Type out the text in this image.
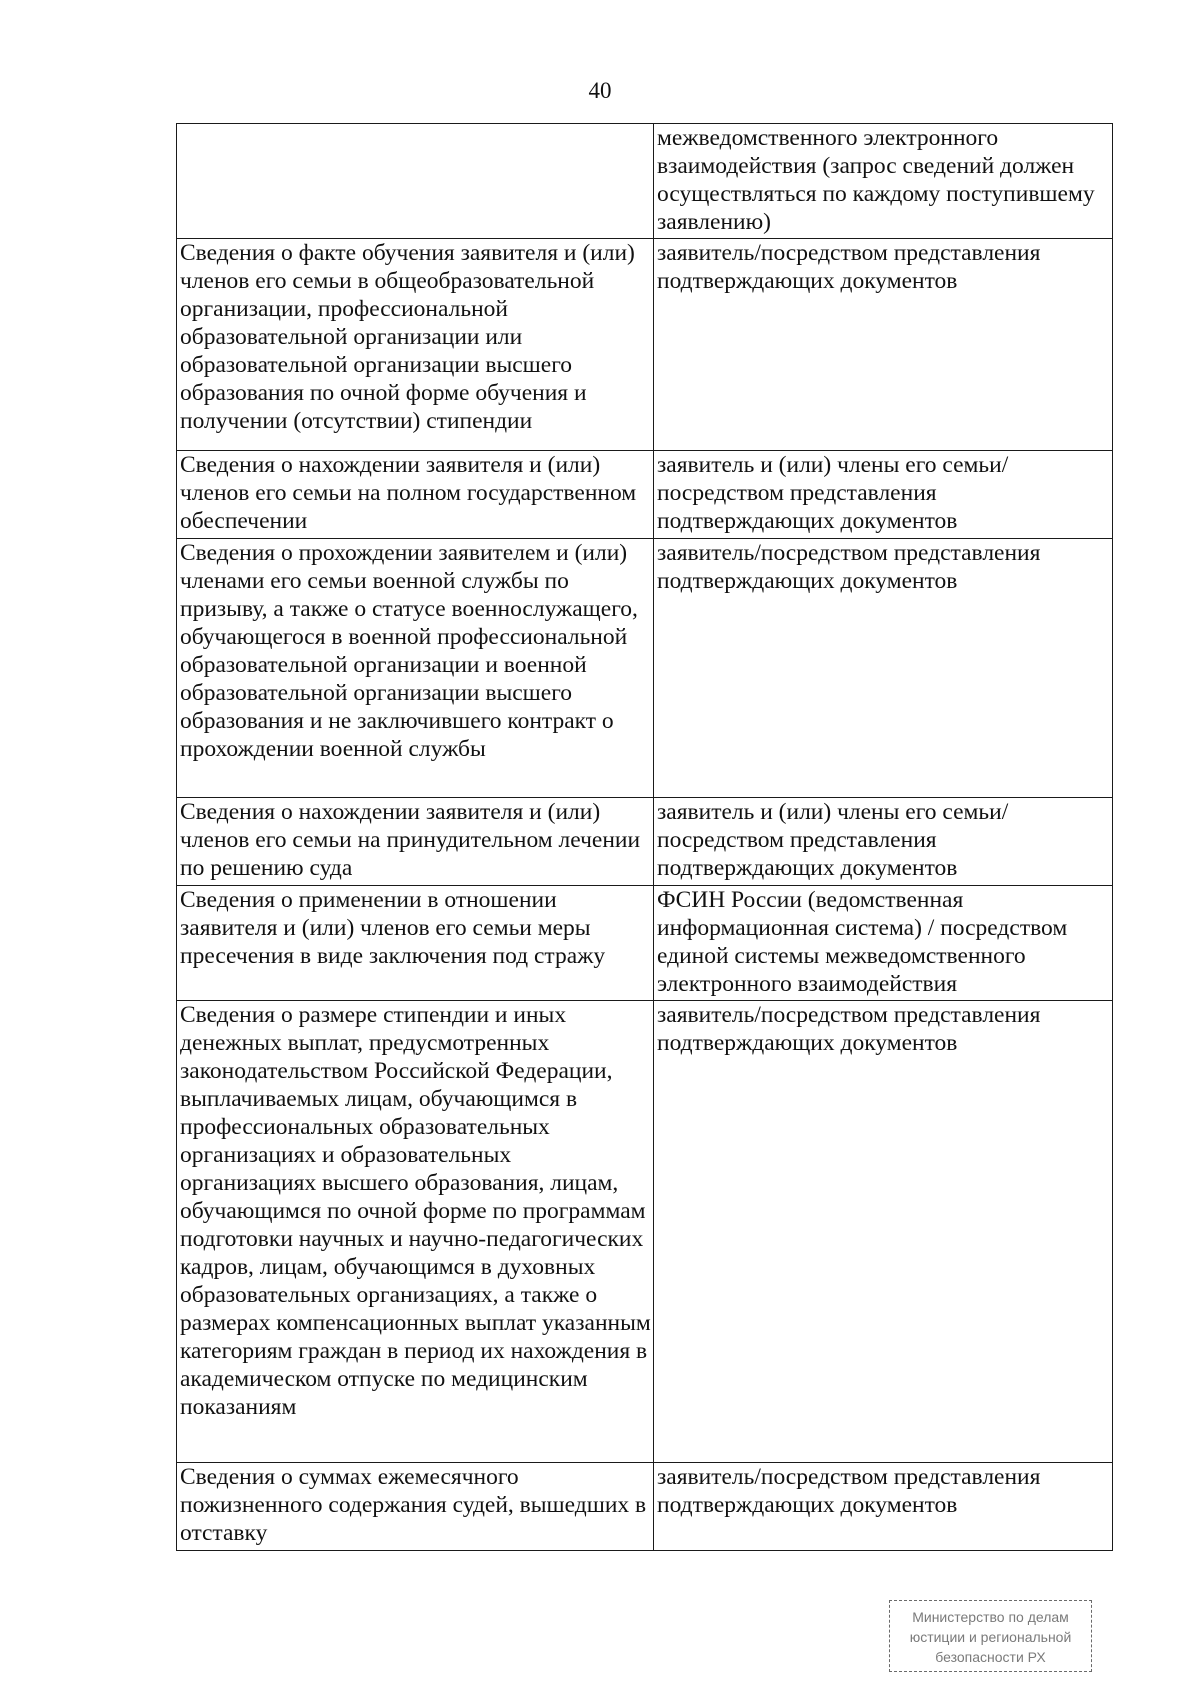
40
	межведомственного электронного взаимодействия (запрос сведений должен осуществляться по каждому поступившему заявлению)
Сведения о факте обучения заявителя и (или) членов его семьи в общеобразовательной организации, профессиональной образовательной организации или образовательной организации высшего образования по очной форме обучения и получении (отсутствии) стипендии	заявитель/посредством представления подтверждающих документов
Сведения о нахождении заявителя и (или) членов его семьи на полном государственном обеспечении	заявитель и (или) члены его семьи/посредством представления подтверждающих документов
Сведения о прохождении заявителем и (или) членами его семьи военной службы по призыву, а также о статусе военнослужащего, обучающегося в военной профессиональной образовательной организации и военной образовательной организации высшего образования и не заключившего контракт о прохождении военной службы	заявитель/посредством представления подтверждающих документов
Сведения о нахождении заявителя и (или) членов его семьи на принудительном лечении по решению суда	заявитель и (или) члены его семьи/посредством представления подтверждающих документов
Сведения о применении в отношении заявителя и (или) членов его семьи меры пресечения в виде заключения под стражу	ФСИН России (ведомственная информационная система) / посредством единой системы межведомственного электронного взаимодействия
Сведения о размере стипендии и иных денежных выплат, предусмотренных законодательством Российской Федерации, выплачиваемых лицам, обучающимся в профессиональных образовательных организациях и образовательных организациях высшего образования, лицам, обучающимся по очной форме по программам подготовки научных и научно-педагогических кадров, лицам, обучающимся в духовных образовательных организациях, а также о размерах компенсационных выплат указанным категориям граждан в период их нахождения в академическом отпуске по медицинским показаниям	заявитель/посредством представления подтверждающих документов
Сведения о суммах ежемесячного пожизненного содержания судей, вышедших в отставку	заявитель/посредством представления подтверждающих документов
Министерство по делам
юстиции и региональной
безопасности РХ
